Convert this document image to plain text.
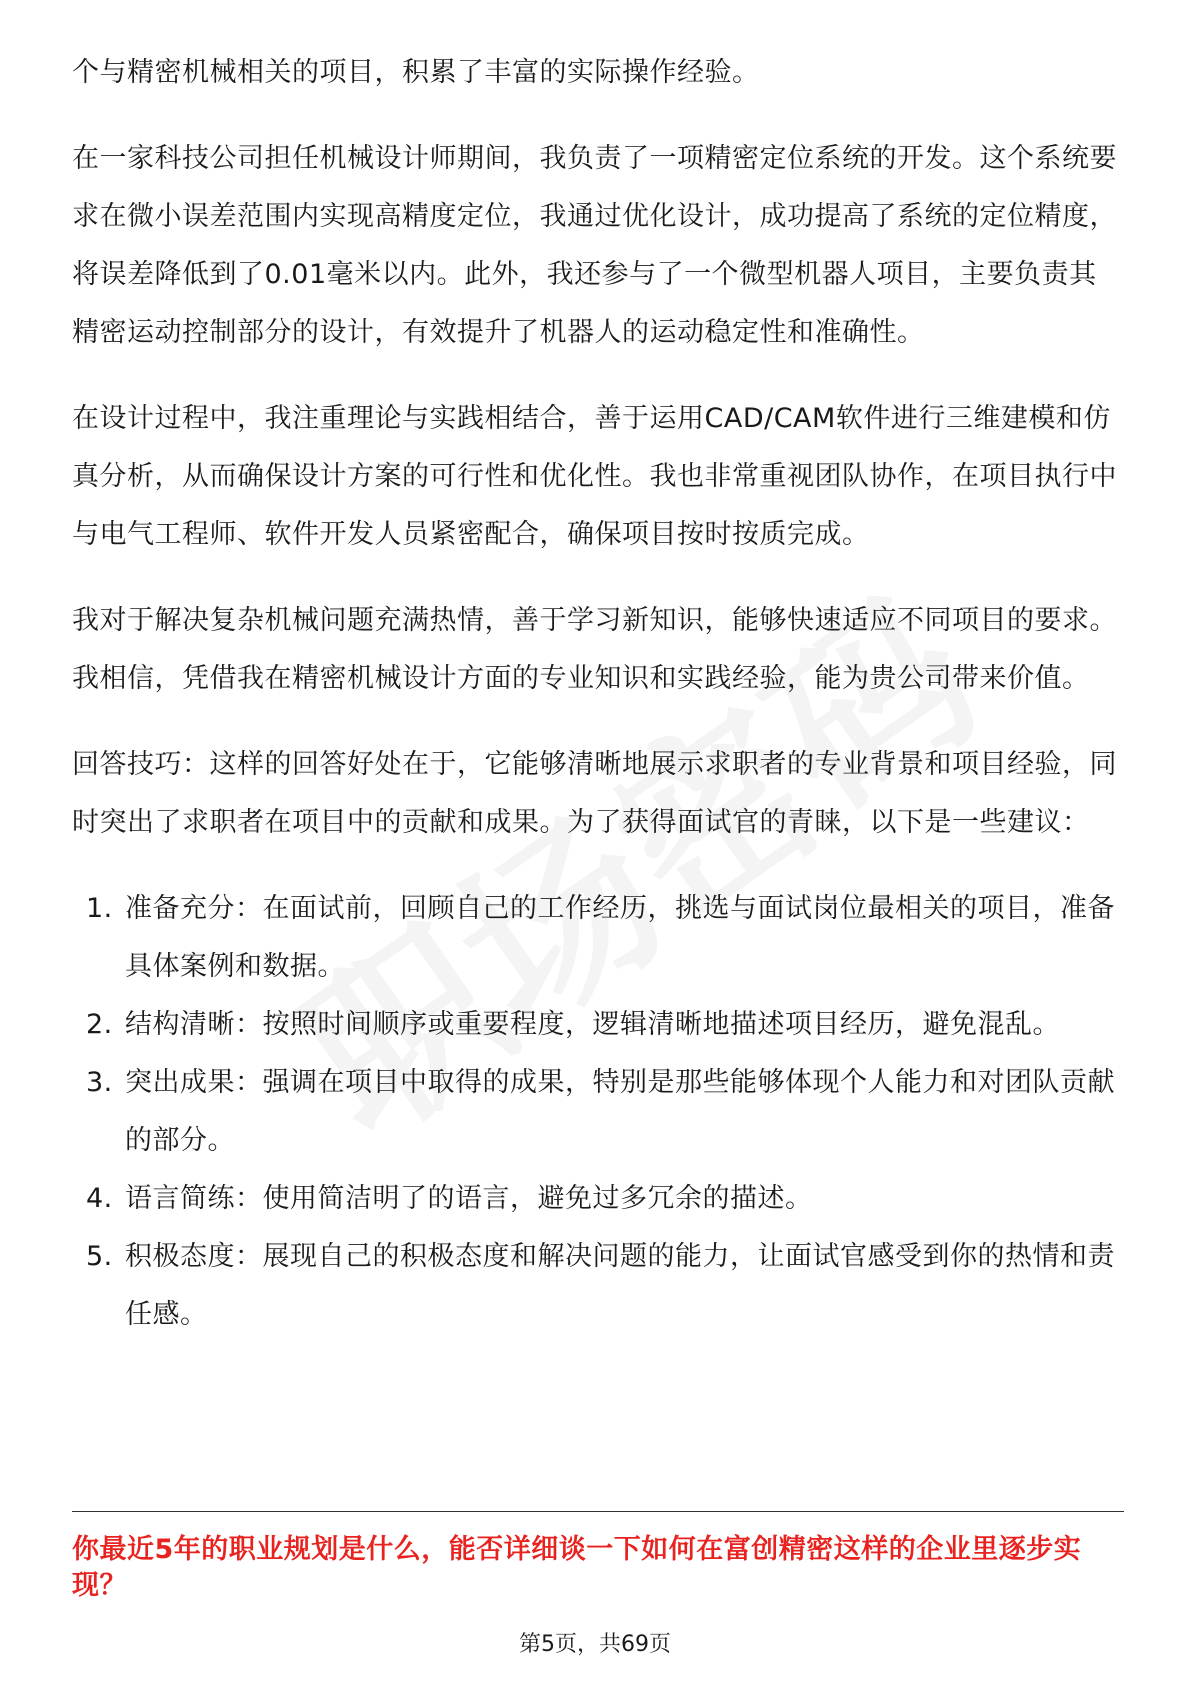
个与精密机械相关的项目，积累了丰富的实际操作经验。

在一家科技公司担任机械设计师期间，我负责了一项精密定位系统的开发。这个系统要求在微小误差范围内实现高精度定位，我通过优化设计，成功提高了系统的定位精度，将误差降低到了0.01毫米以内。此外，我还参与了一个微型机器人项目，主要负责其精密运动控制部分的设计，有效提升了机器人的运动稳定性和准确性。

在设计过程中，我注重理论与实践相结合，善于运用CAD/CAM软件进行三维建模和仿真分析，从而确保设计方案的可行性和优化性。我也非常重视团队协作，在项目执行中与电气工程师、软件开发人员紧密配合，确保项目按时按质完成。

我对于解决复杂机械问题充满热情，善于学习新知识，能够快速适应不同项目的要求。我相信，凭借我在精密机械设计方面的专业知识和实践经验，能为贵公司带来价值。

回答技巧：这样的回答好处在于，它能够清晰地展示求职者的专业背景和项目经验，同时突出了求职者在项目中的贡献和成果。为了获得面试官的青睐，以下是一些建议：

1. 准备充分：在面试前，回顾自己的工作经历，挑选与面试岗位最相关的项目，准备具体案例和数据。
2. 结构清晰：按照时间顺序或重要程度，逻辑清晰地描述项目经历，避免混乱。
3. 突出成果：强调在项目中取得的成果，特别是那些能够体现个人能力和对团队贡献的部分。
4. 语言简练：使用简洁明了的语言，避免过多冗余的描述。
5. 积极态度：展现自己的积极态度和解决问题的能力，让面试官感受到你的热情和责任感。
你最近5年的职业规划是什么，能否详细谈一下如何在富创精密这样的企业里逐步实现？
第5页，共69页
